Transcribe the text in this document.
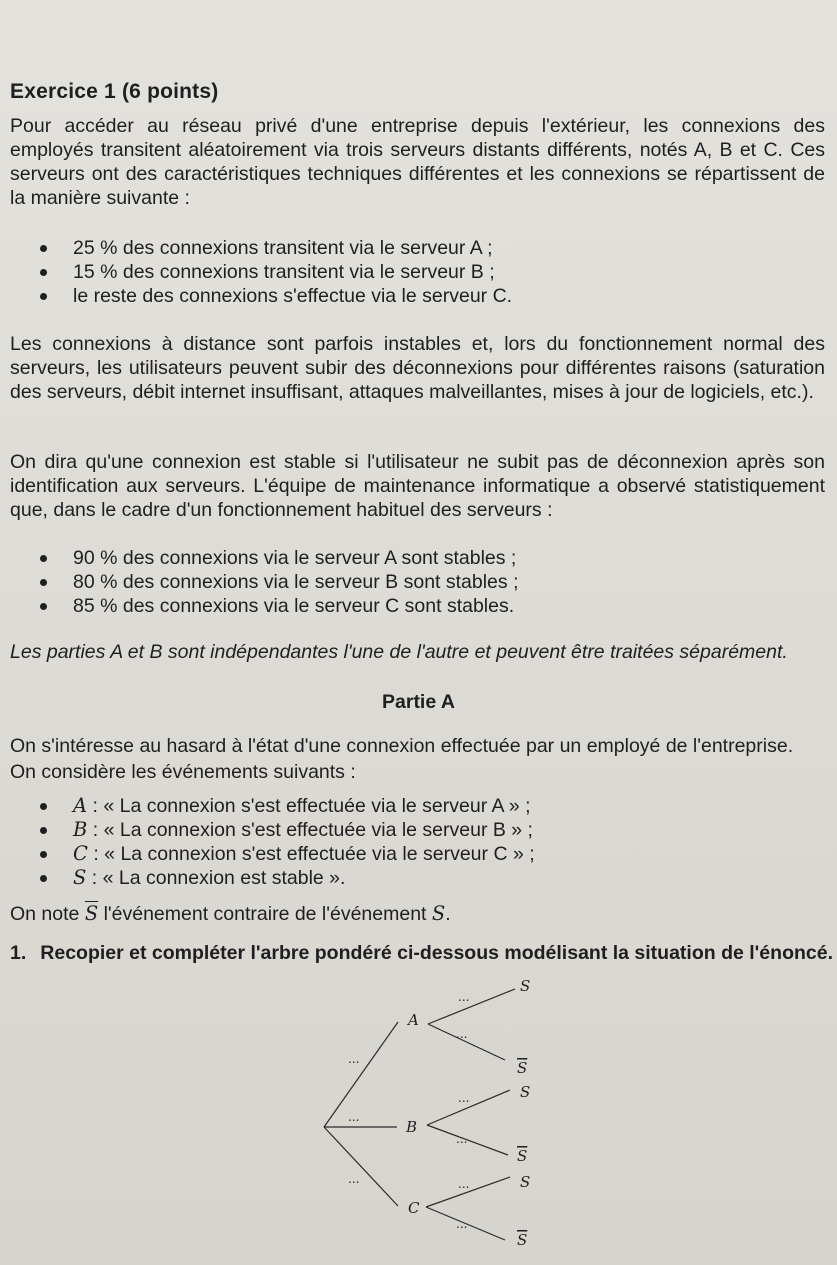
Exercice 1 (6 points)

Pour accéder au réseau privé d'une entreprise depuis l'extérieur, les connexions des employés transitent aléatoirement via trois serveurs distants différents, notés A, B et C. Ces serveurs ont des caractéristiques techniques différentes et les connexions se répartissent de la manière suivante :

25 % des connexions transitent via le serveur A ;
15 % des connexions transitent via le serveur B ;
le reste des connexions s'effectue via le serveur C.

Les connexions à distance sont parfois instables et, lors du fonctionnement normal des serveurs, les utilisateurs peuvent subir des déconnexions pour différentes raisons (saturation des serveurs, débit internet insuffisant, attaques malveillantes, mises à jour de logiciels, etc.).

On dira qu'une connexion est stable si l'utilisateur ne subit pas de déconnexion après son identification aux serveurs. L'équipe de maintenance informatique a observé statistiquement que, dans le cadre d'un fonctionnement habituel des serveurs :

90 % des connexions via le serveur A sont stables ;
80 % des connexions via le serveur B sont stables ;
85 % des connexions via le serveur C sont stables.

Les parties A et B sont indépendantes l'une de l'autre et peuvent être traitées séparément.

Partie A

On s'intéresse au hasard à l'état d'une connexion effectuée par un employé de l'entreprise.

On considère les événements suivants :

A : « La connexion s'est effectuée via le serveur A » ;
B : « La connexion s'est effectuée via le serveur B » ;
C : « La connexion s'est effectuée via le serveur C » ;
S : « La connexion est stable ».

On note $\overline{S}$ l'événement contraire de l'événement S.

1. Recopier et compléter l'arbre pondéré ci-dessous modélisant la situation de l'énoncé.
A
B
C
S
S
S
S
S
S
...
...
...
...
...
...
...
...
...
